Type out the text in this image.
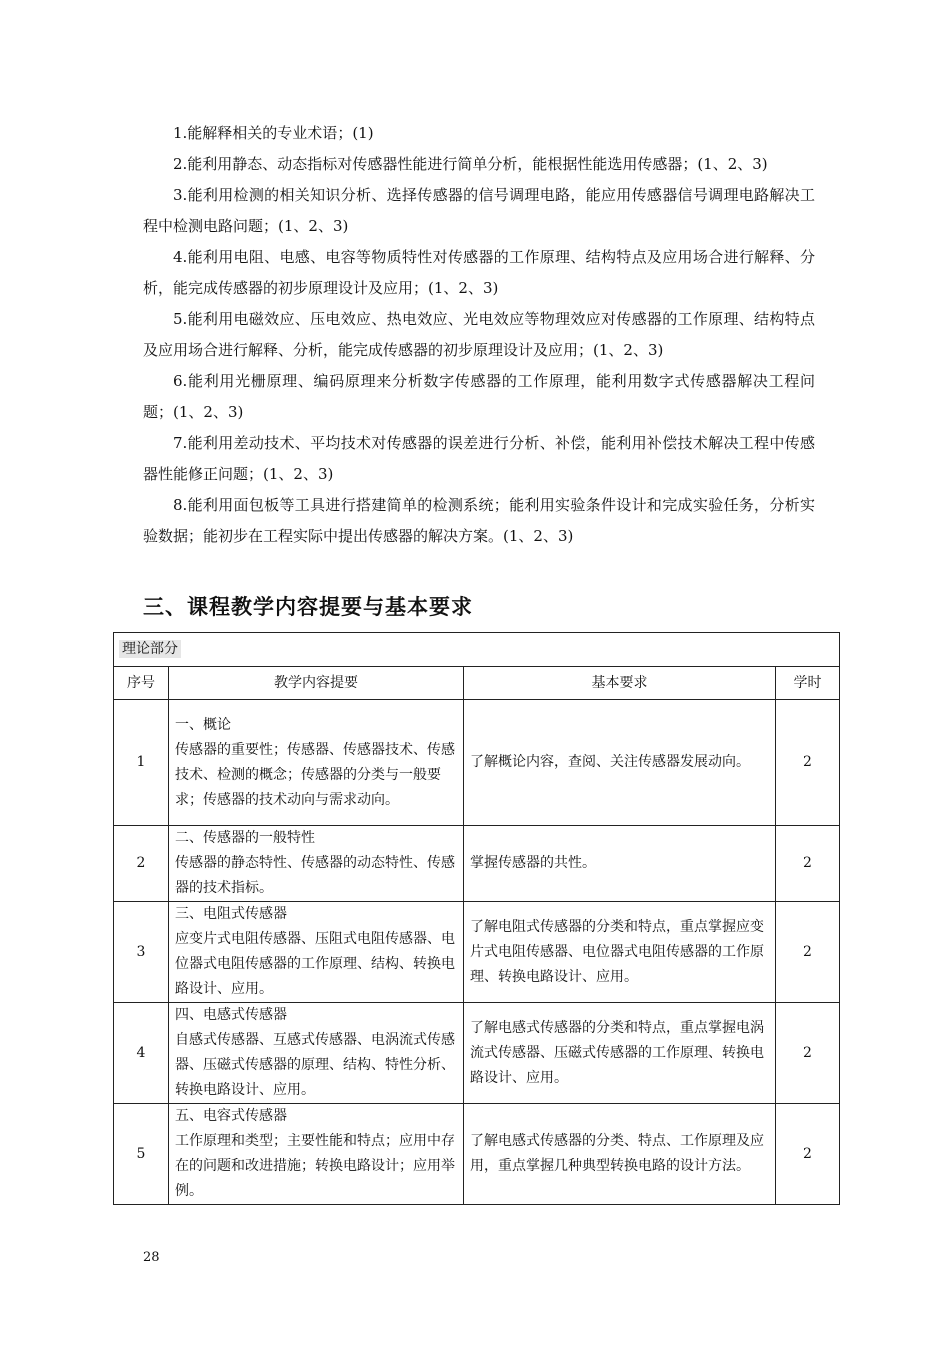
1.能解释相关的专业术语；(1)

2.能利用静态、动态指标对传感器性能进行简单分析，能根据性能选用传感器；(1、2、3)

3.能利用检测的相关知识分析、选择传感器的信号调理电路，能应用传感器信号调理电路解决工程中检测电路问题；(1、2、3)

4.能利用电阻、电感、电容等物质特性对传感器的工作原理、结构特点及应用场合进行解释、分析，能完成传感器的初步原理设计及应用；(1、2、3)

5.能利用电磁效应、压电效应、热电效应、光电效应等物理效应对传感器的工作原理、结构特点及应用场合进行解释、分析，能完成传感器的初步原理设计及应用；(1、2、3)

6.能利用光栅原理、编码原理来分析数字传感器的工作原理，能利用数字式传感器解决工程问题；(1、2、3)

7.能利用差动技术、平均技术对传感器的误差进行分析、补偿，能利用补偿技术解决工程中传感器性能修正问题；(1、2、3)

8.能利用面包板等工具进行搭建简单的检测系统；能利用实验条件设计和完成实验任务，分析实验数据；能初步在工程实际中提出传感器的解决方案。(1、2、3)

三、课程教学内容提要与基本要求
理论部分			
序号	教学内容提要	基本要求	学时
1	一、概论
传感器的重要性；传感器、传感器技术、传感技术、检测的概念；传感器的分类与一般要求；传感器的技术动向与需求动向。	了解概论内容，查阅、关注传感器发展动向。	2
2	二、传感器的一般特性
传感器的静态特性、传感器的动态特性、传感器的技术指标。	掌握传感器的共性。	2
3	三、电阻式传感器
应变片式电阻传感器、压阻式电阻传感器、电位器式电阻传感器的工作原理、结构、转换电路设计、应用。	了解电阻式传感器的分类和特点，重点掌握应变片式电阻传感器、电位器式电阻传感器的工作原理、转换电路设计、应用。	2
4	四、电感式传感器
自感式传感器、互感式传感器、电涡流式传感器、压磁式传感器的原理、结构、特性分析、转换电路设计、应用。	了解电感式传感器的分类和特点，重点掌握电涡流式传感器、压磁式传感器的工作原理、转换电路设计、应用。	2
5	五、电容式传感器
工作原理和类型；主要性能和特点；应用中存在的问题和改进措施；转换电路设计；应用举例。	了解电感式传感器的分类、特点、工作原理及应用，重点掌握几种典型转换电路的设计方法。	2
28
